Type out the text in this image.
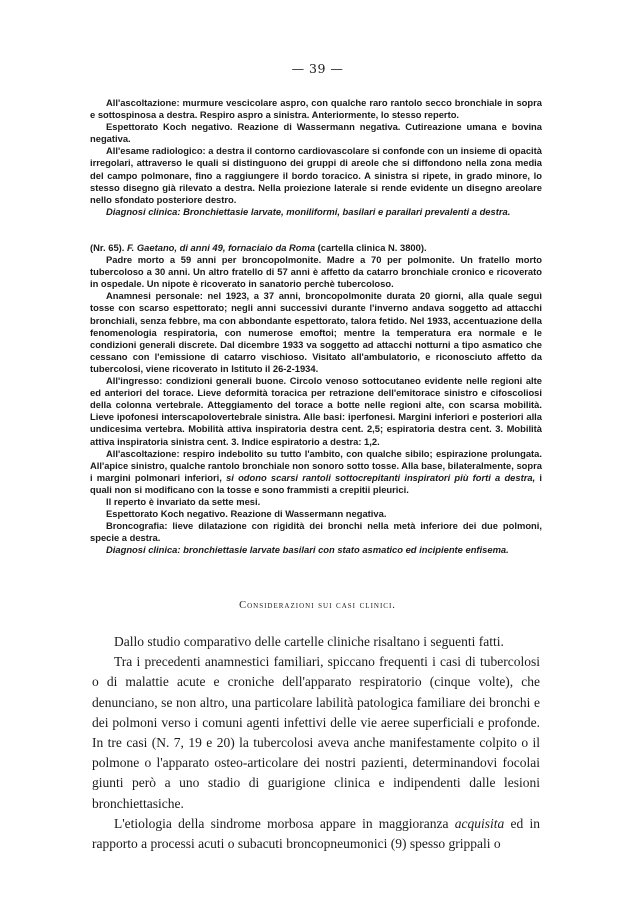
— 39 —

All'ascoltazione: murmure vescicolare aspro, con qualche raro rantolo secco bronchiale in sopra e sottospinosa a destra. Respiro aspro a sinistra. Anteriormente, lo stesso reperto.

Espettorato Koch negativo. Reazione di Wassermann negativa. Cutireazione umana e bovina negativa.

All'esame radiologico: a destra il contorno cardiovascolare si confonde con un insieme di opacità irregolari, attraverso le quali si distinguono dei gruppi di areole che si diffondono nella zona media del campo polmonare, fino a raggiungere il bordo toracico. A sinistra si ripete, in grado minore, lo stesso disegno già rilevato a destra. Nella proiezione laterale si rende evidente un disegno areolare nello sfondato posteriore destro.

Diagnosi clinica: Bronchiettasie larvate, moniliformi, basilari e parailari prevalenti a destra.

(Nr. 65). F. Gaetano, di anni 49, fornaciaio da Roma (cartella clinica N. 3800).

Padre morto a 59 anni per broncopolmonite. Madre a 70 per polmonite. Un fratello morto tubercoloso a 30 anni. Un altro fratello di 57 anni è affetto da catarro bronchiale cronico e ricoverato in ospedale. Un nipote è ricoverato in sanatorio perchè tubercoloso.

Anamnesi personale: nel 1923, a 37 anni, broncopolmonite durata 20 giorni, alla quale seguì tosse con scarso espettorato; negli anni successivi durante l'inverno andava soggetto ad attacchi bronchiali, senza febbre, ma con abbondante espettorato, talora fetido. Nel 1933, accentuazione della fenomenologia respiratoria, con numerose emoftoi; mentre la temperatura era normale e le condizioni generali discrete. Dal dicembre 1933 va soggetto ad attacchi notturni a tipo asmatico che cessano con l'emissione di catarro vischioso. Visitato all'ambulatorio, e riconosciuto affetto da tubercolosi, viene ricoverato in Istituto il 26-2-1934.

All'ingresso: condizioni generali buone. Circolo venoso sottocutaneo evidente nelle regioni alte ed anteriori del torace. Lieve deformità toracica per retrazione dell'emitorace sinistro e cifoscoliosi della colonna vertebrale. Atteggiamento del torace a botte nelle regioni alte, con scarsa mobilità. Lieve ipofonesi interscapolovertebrale sinistra. Alle basi: iperfonesi. Margini inferiori e posteriori alla undicesima vertebra. Mobilità attiva inspiratoria destra cent. 2,5; espiratoria destra cent. 3. Mobilità attiva inspiratoria sinistra cent. 3. Indice espiratorio a destra: 1,2.

All'ascoltazione: respiro indebolito su tutto l'ambito, con qualche sibilo; espirazione prolungata. All'apice sinistro, qualche rantolo bronchiale non sonoro sotto tosse. Alla base, bilateralmente, sopra i margini polmonari inferiori, si odono scarsi rantoli sottocrepitanti inspiratori più forti a destra, i quali non si modificano con la tosse e sono frammisti a crepitii pleurici.

Il reperto è invariato da sette mesi.

Espettorato Koch negativo. Reazione di Wassermann negativa.

Broncografia: lieve dilatazione con rigidità dei bronchi nella metà inferiore dei due polmoni, specie a destra.

Diagnosi clinica: bronchiettasie larvate basilari con stato asmatico ed incipiente enfisema.

Considerazioni sui casi clinici.

Dallo studio comparativo delle cartelle cliniche risaltano i seguenti fatti.

Tra i precedenti anamnestici familiari, spiccano frequenti i casi di tubercolosi o di malattie acute e croniche dell'apparato respiratorio (cinque volte), che denunciano, se non altro, una particolare labilità patologica familiare dei bronchi e dei polmoni verso i comuni agenti infettivi delle vie aeree superficiali e profonde. In tre casi (N. 7, 19 e 20) la tubercolosi aveva anche manifestamente colpito o il polmone o l'apparato osteo-articolare dei nostri pazienti, determinandovi focolai giunti però a uno stadio di guarigione clinica e indipendenti dalle lesioni bronchiettasiche.

L'etiologia della sindrome morbosa appare in maggioranza acquisita ed in rapporto a processi acuti o subacuti broncopneumonici (9) spesso grippali o
